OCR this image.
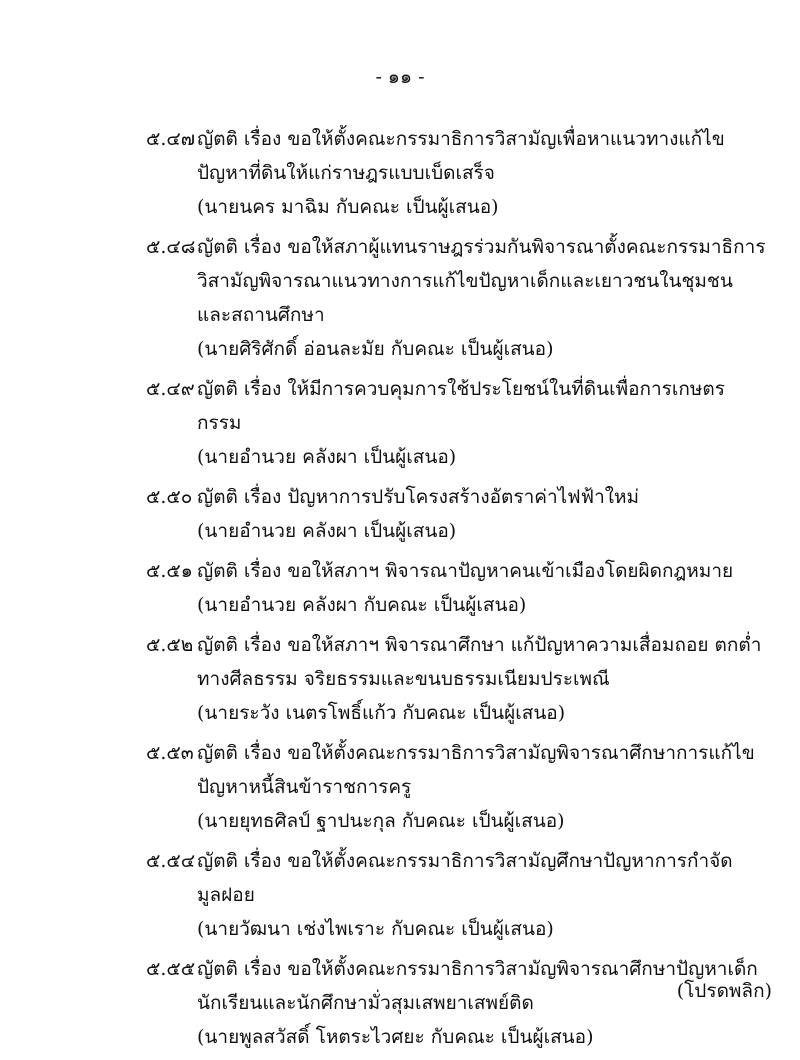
- ๑๑ -
๕.๔๗ ญัตติ เรื่อง ขอให้ตั้งคณะกรรมาธิการวิสามัญเพื่อหาแนวทางแก้ไขปัญหาที่ดินให้แก่ราษฎรแบบเบ็ดเสร็จ

(นายนคร มาฉิม กับคณะ เป็นผู้เสนอ)

๕.๔๘ ญัตติ เรื่อง ขอให้สภาผู้แทนราษฎรร่วมกันพิจารณาตั้งคณะกรรมาธิการวิสามัญพิจารณาแนวทางการแก้ไขปัญหาเด็กและเยาวชนในชุมชนและสถานศึกษา

(นายศิริศักดิ์ อ่อนละมัย กับคณะ เป็นผู้เสนอ)

๕.๔๙ ญัตติ เรื่อง ให้มีการควบคุมการใช้ประโยชน์ในที่ดินเพื่อการเกษตรกรรม

(นายอำนวย คลังผา เป็นผู้เสนอ)

๕.๕๐ ญัตติ เรื่อง ปัญหาการปรับโครงสร้างอัตราค่าไฟฟ้าใหม่

(นายอำนวย คลังผา เป็นผู้เสนอ)

๕.๕๑ ญัตติ เรื่อง ขอให้สภาฯ พิจารณาปัญหาคนเข้าเมืองโดยผิดกฎหมาย

(นายอำนวย คลังผา กับคณะ เป็นผู้เสนอ)

๕.๕๒ ญัตติ เรื่อง ขอให้สภาฯ พิจารณาศึกษา แก้ปัญหาความเสื่อมถอย ตกต่ำทางศีลธรรม จริยธรรมและขนบธรรมเนียมประเพณี

(นายระวัง เนตรโพธิ์แก้ว กับคณะ เป็นผู้เสนอ)

๕.๕๓ ญัตติ เรื่อง ขอให้ตั้งคณะกรรมาธิการวิสามัญพิจารณาศึกษาการแก้ไขปัญหาหนี้สินข้าราชการครู

(นายยุทธศิลป์ ฐาปนะกุล กับคณะ เป็นผู้เสนอ)

๕.๕๔ ญัตติ เรื่อง ขอให้ตั้งคณะกรรมาธิการวิสามัญศึกษาปัญหาการกำจัดมูลฝอย

(นายวัฒนา เช่งไพเราะ กับคณะ เป็นผู้เสนอ)

๕.๕๕ ญัตติ เรื่อง ขอให้ตั้งคณะกรรมาธิการวิสามัญพิจารณาศึกษาปัญหาเด็กนักเรียนและนักศึกษามั่วสุมเสพยาเสพย์ติด

(นายพูลสวัสดิ์ โหตระไวศยะ กับคณะ เป็นผู้เสนอ)

(โปรดพลิก)
